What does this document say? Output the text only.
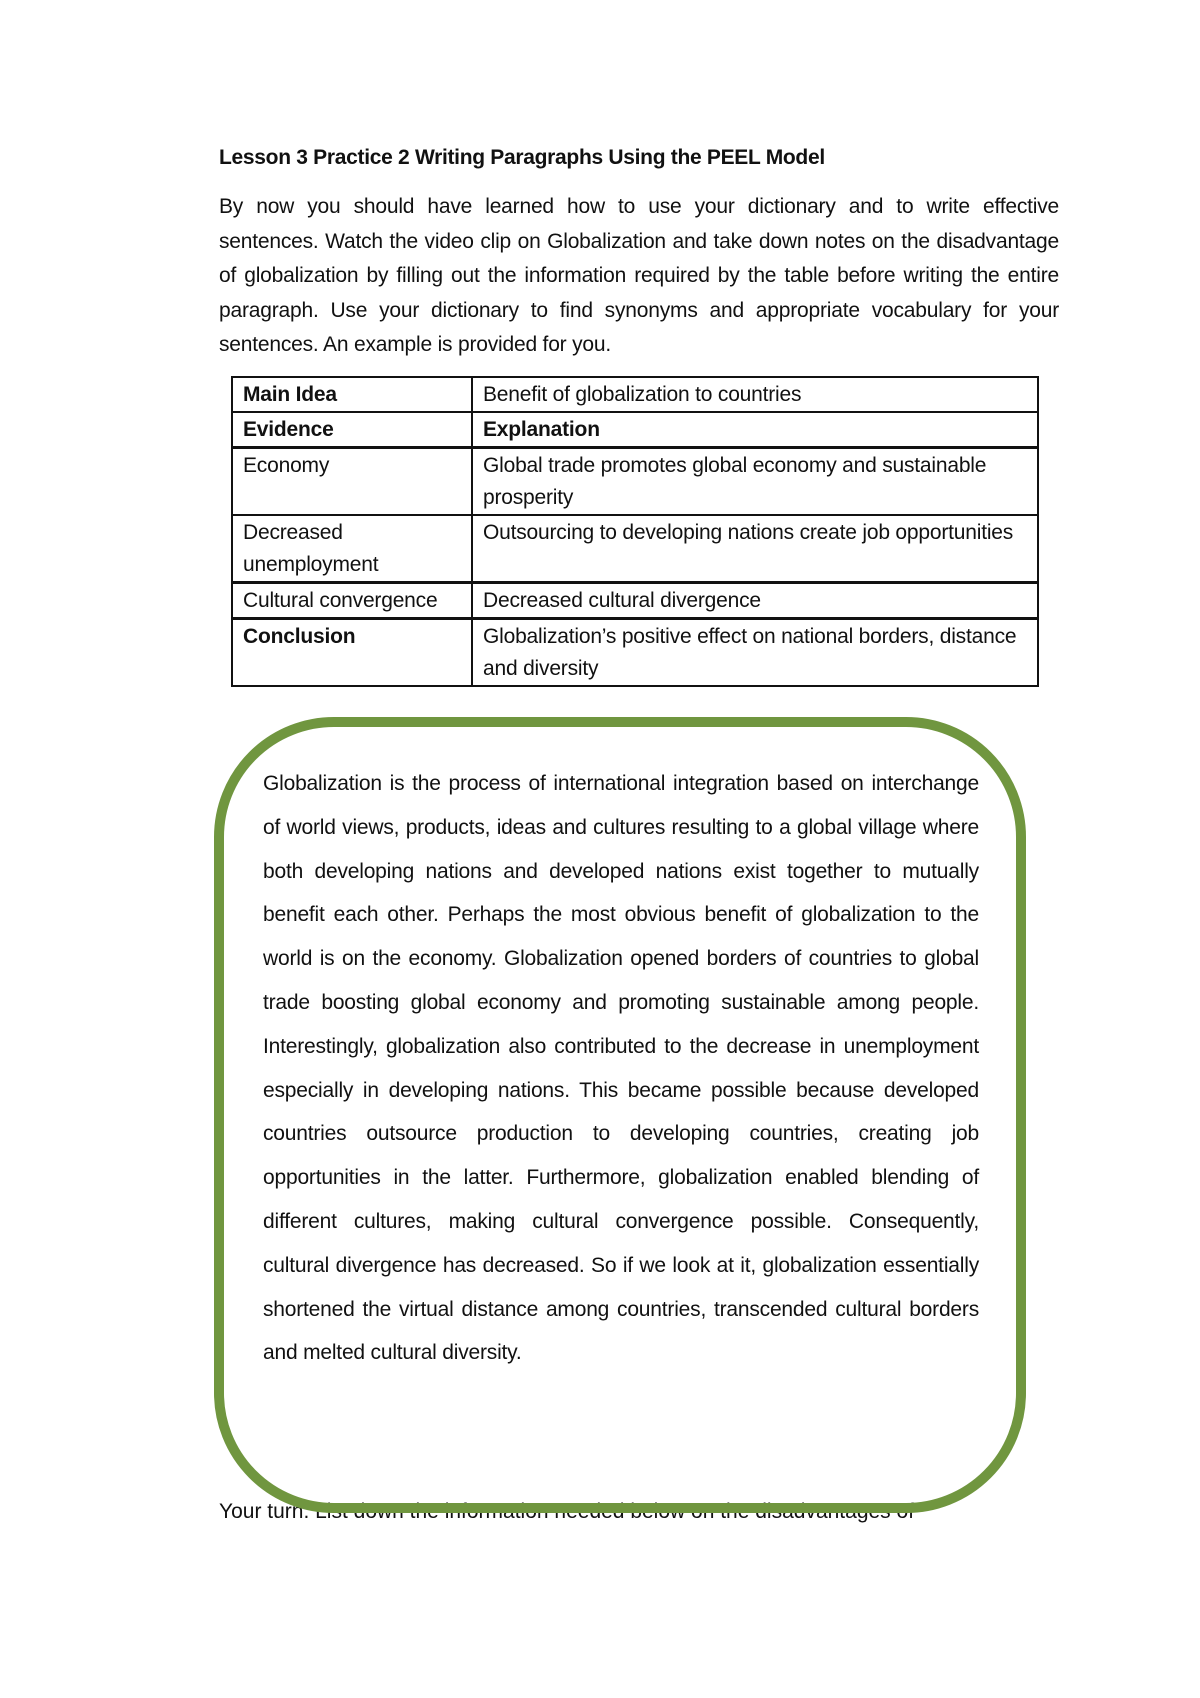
Lesson 3 Practice 2 Writing Paragraphs Using the PEEL Model
By now you should have learned how to use your dictionary and to write effective sentences. Watch the video clip on Globalization and take down notes on the disadvantage of globalization by filling out the information required by the table before writing the entire paragraph. Use your dictionary to find synonyms and appropriate vocabulary for your sentences. An example is provided for you.
Main Idea	Benefit of globalization to countries
Evidence	Explanation
Economy	Global trade promotes global economy and sustainable prosperity
Decreased unemployment	Outsourcing to developing nations create job opportunities
Cultural convergence	Decreased cultural divergence
Conclusion	Globalization’s positive effect on national borders, distance and diversity
Your turn. List down the information needed below on the disadvantages of
Globalization is the process of international integration based on interchange of world views, products, ideas and cultures resulting to a global village where both developing nations and developed nations exist together to mutually benefit each other. Perhaps the most obvious benefit of globalization to the world is on the economy. Globalization opened borders of countries to global trade boosting global economy and promoting sustainable among people. Interestingly, globalization also contributed to the decrease in unemployment especially in developing nations. This became possible because developed countries outsource production to developing countries, creating job opportunities in the latter. Furthermore, globalization enabled blending of different cultures, making cultural convergence possible. Consequently, cultural divergence has decreased. So if we look at it, globalization essentially shortened the virtual distance among countries, transcended cultural borders and melted cultural diversity.
